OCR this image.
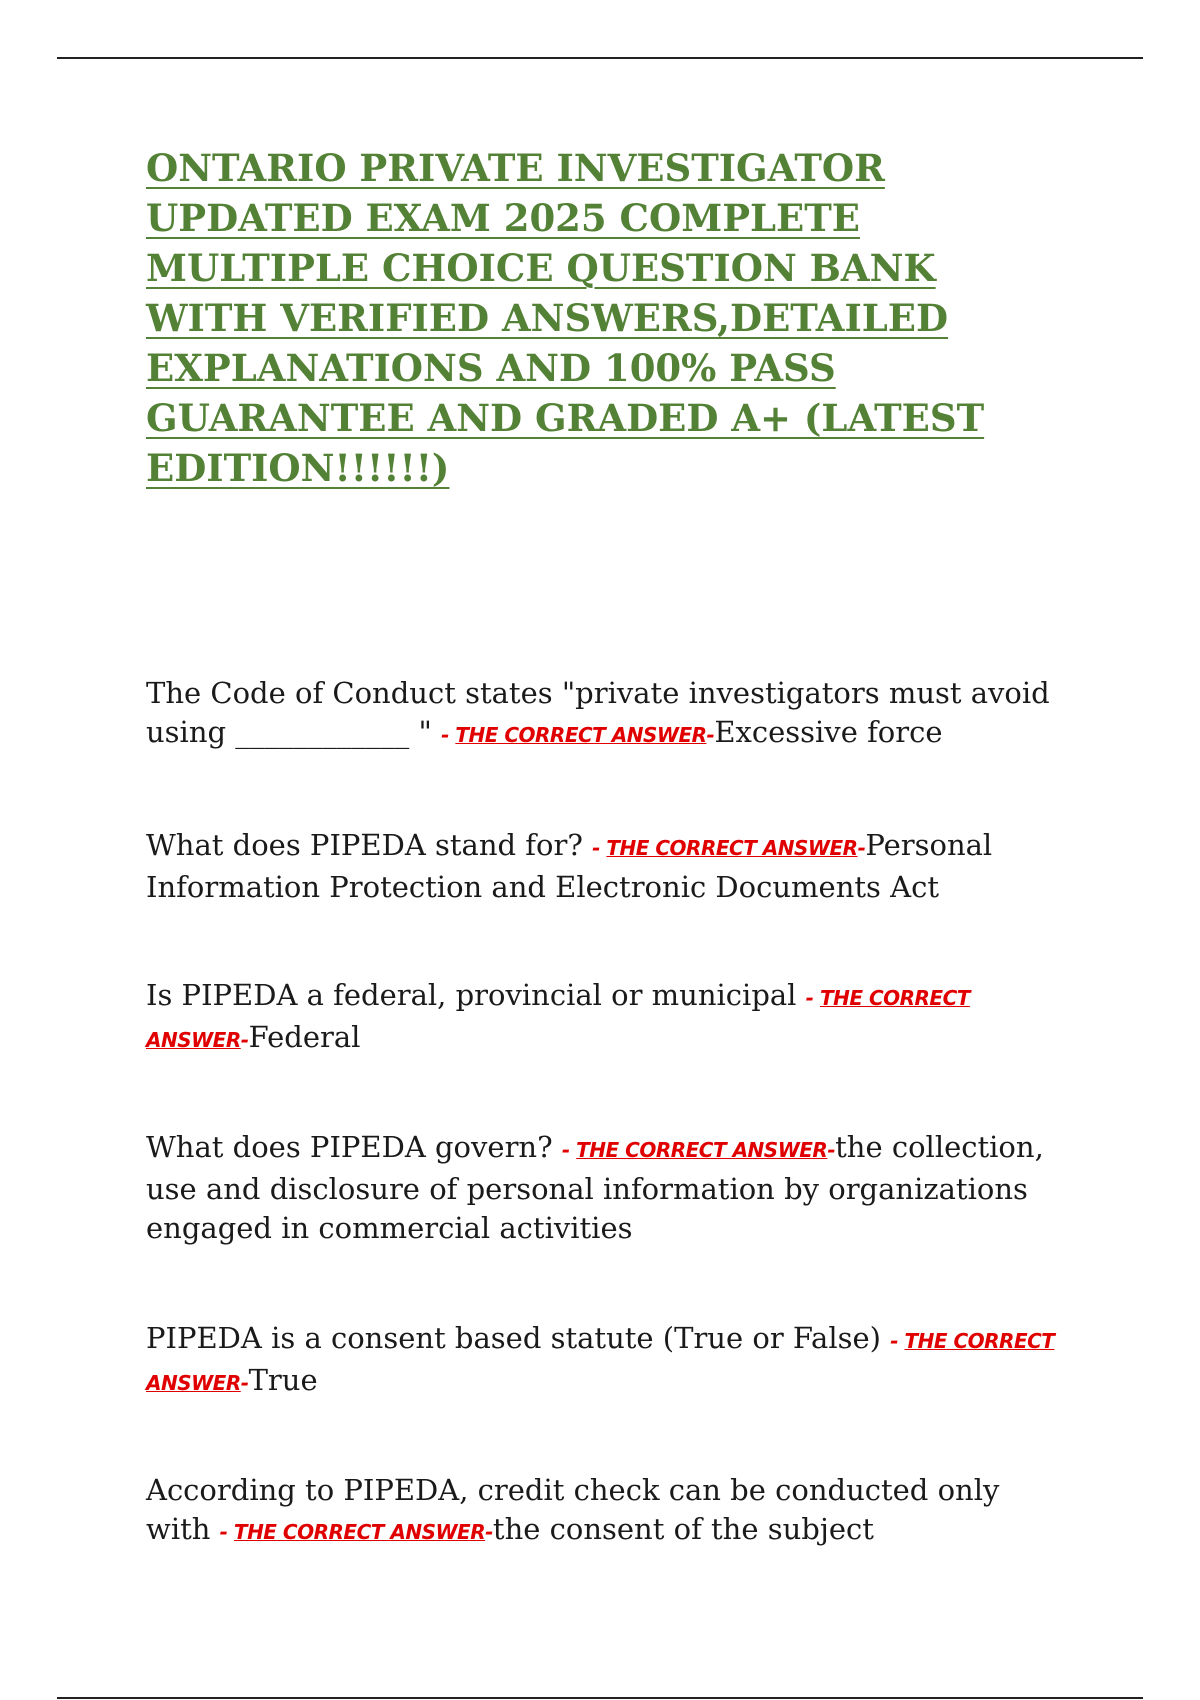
ONTARIO PRIVATE INVESTIGATOR UPDATED EXAM 2025 COMPLETE MULTIPLE CHOICE QUESTION BANK WITH VERIFIED ANSWERS,DETAILED EXPLANATIONS AND 100% PASS GUARANTEE AND GRADED A+ (LATEST EDITION!!!!!!)

The Code of Conduct states "private investigators must avoid using ____________ " - THE CORRECT ANSWER-Excessive force

What does PIPEDA stand for? - THE CORRECT ANSWER-Personal Information Protection and Electronic Documents Act

Is PIPEDA a federal, provincial or municipal - THE CORRECT ANSWER-Federal

What does PIPEDA govern? - THE CORRECT ANSWER-the collection, use and disclosure of personal information by organizations engaged in commercial activities

PIPEDA is a consent based statute (True or False) - THE CORRECT ANSWER-True

According to PIPEDA, credit check can be conducted only with - THE CORRECT ANSWER-the consent of the subject
